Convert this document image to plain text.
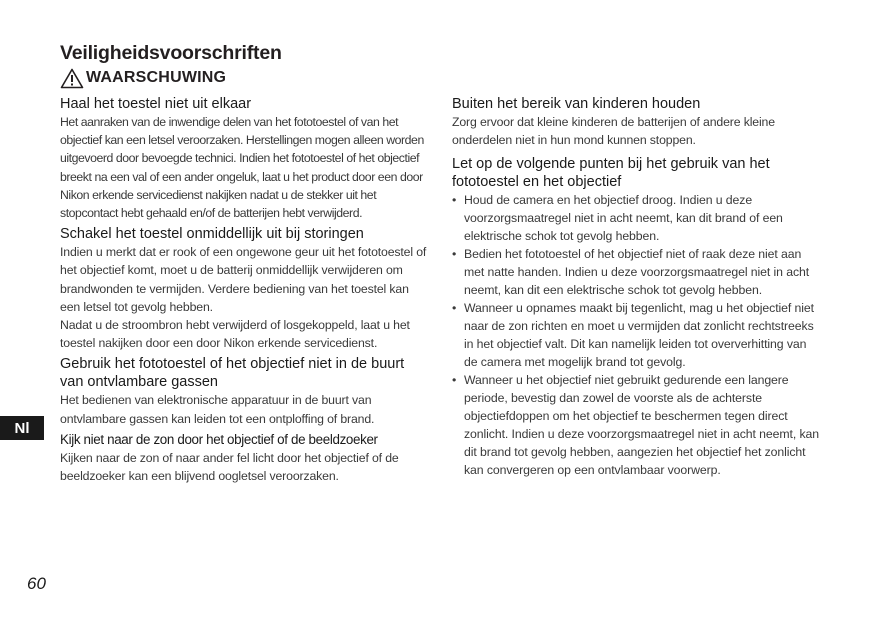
Veiligheidsvoorschriften
WAARSCHUWING
Haal het toestel niet uit elkaar

Het aanraken van de inwendige delen van het fototoestel of van het objectief kan een letsel veroorzaken. Herstellingen mogen alleen worden uitgevoerd door bevoegde technici. Indien het fototoestel of het objectief breekt na een val of een ander ongeluk, laat u het product door een door Nikon erkende servicedienst nakijken nadat u de stekker uit het stopcontact hebt gehaald en/of de batterijen hebt verwijderd.

Schakel het toestel onmiddellijk uit bij storingen

Indien u merkt dat er rook of een ongewone geur uit het fototoestel of het objectief komt, moet u de batterij onmiddellijk verwijderen om brandwonden te vermijden. Verdere bediening van het toestel kan een letsel tot gevolg hebben.

Nadat u de stroombron hebt verwijderd of losgekoppeld, laat u het toestel nakijken door een door Nikon erkende servicedienst.

Gebruik het fototoestel of het objectief niet in de buurt van ontvlambare gassen

Het bedienen van elektronische apparatuur in de buurt van ontvlambare gassen kan leiden tot een ontploffing of brand.

Kijk niet naar de zon door het objectief of de beeldzoeker

Kijken naar de zon of naar ander fel licht door het objectief of de beeldzoeker kan een blijvend oogletsel veroorzaken.

Buiten het bereik van kinderen houden

Zorg ervoor dat kleine kinderen de batterijen of andere kleine onderdelen niet in hun mond kunnen stoppen.

Let op de volgende punten bij het gebruik van het fototoestel en het objectief
• Houd de camera en het objectief droog. Indien u deze voorzorgsmaatregel niet in acht neemt, kan dit brand of een elektrische schok tot gevolg hebben.
• Bedien het fototoestel of het objectief niet of raak deze niet aan met natte handen. Indien u deze voorzorgsmaatregel niet in acht neemt, kan dit een elektrische schok tot gevolg hebben.
• Wanneer u opnames maakt bij tegenlicht, mag u het objectief niet naar de zon richten en moet u vermijden dat zonlicht rechtstreeks in het objectief valt. Dit kan namelijk leiden tot oververhitting van de camera met mogelijk brand tot gevolg.
• Wanneer u het objectief niet gebruikt gedurende een langere periode, bevestig dan zowel de voorste als de achterste objectiefdoppen om het objectief te beschermen tegen direct zonlicht. Indien u deze voorzorgsmaatregel niet in acht neemt, kan dit brand tot gevolg hebben, aangezien het objectief het zonlicht kan convergeren op een ontvlambaar voorwerp.
Nl
60
